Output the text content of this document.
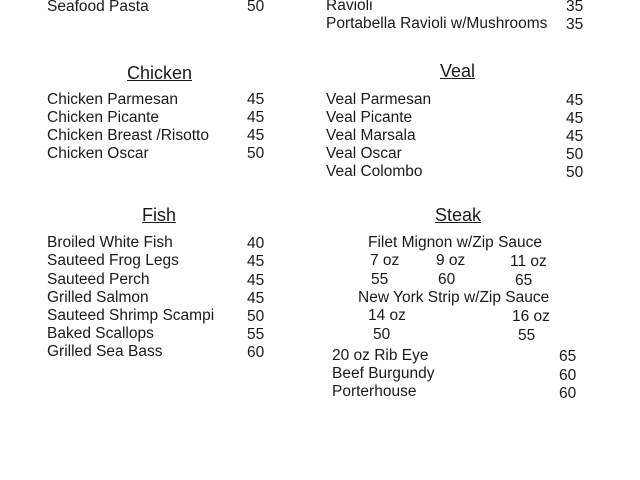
Seafood Pasta	50	Ravioli	35
Portabella Ravioli w/Mushrooms 35
Chicken
Chicken Parmesan	45
Chicken Picante	45
Chicken Breast /Risotto 45
Chicken Oscar	50
Veal
Veal Parmesan	45
Veal Picante	45
Veal Marsala	45
Veal Oscar	50
Veal Colombo	50
Fish
Broiled White Fish	40
Sauteed Frog Legs	45
Sauteed Perch	45
Grilled Salmon	45
Sauteed Shrimp Scampi 50
Baked Scallops	55
Grilled Sea Bass	60
Steak
Filet Mignon w/Zip Sauce
7 oz 9 oz	11 oz
55	60	65
New York Strip w/Zip Sauce
14 oz	16 oz
50	55
20 oz Rib Eye	65
Beef Burgundy	60
Porterhouse	60
